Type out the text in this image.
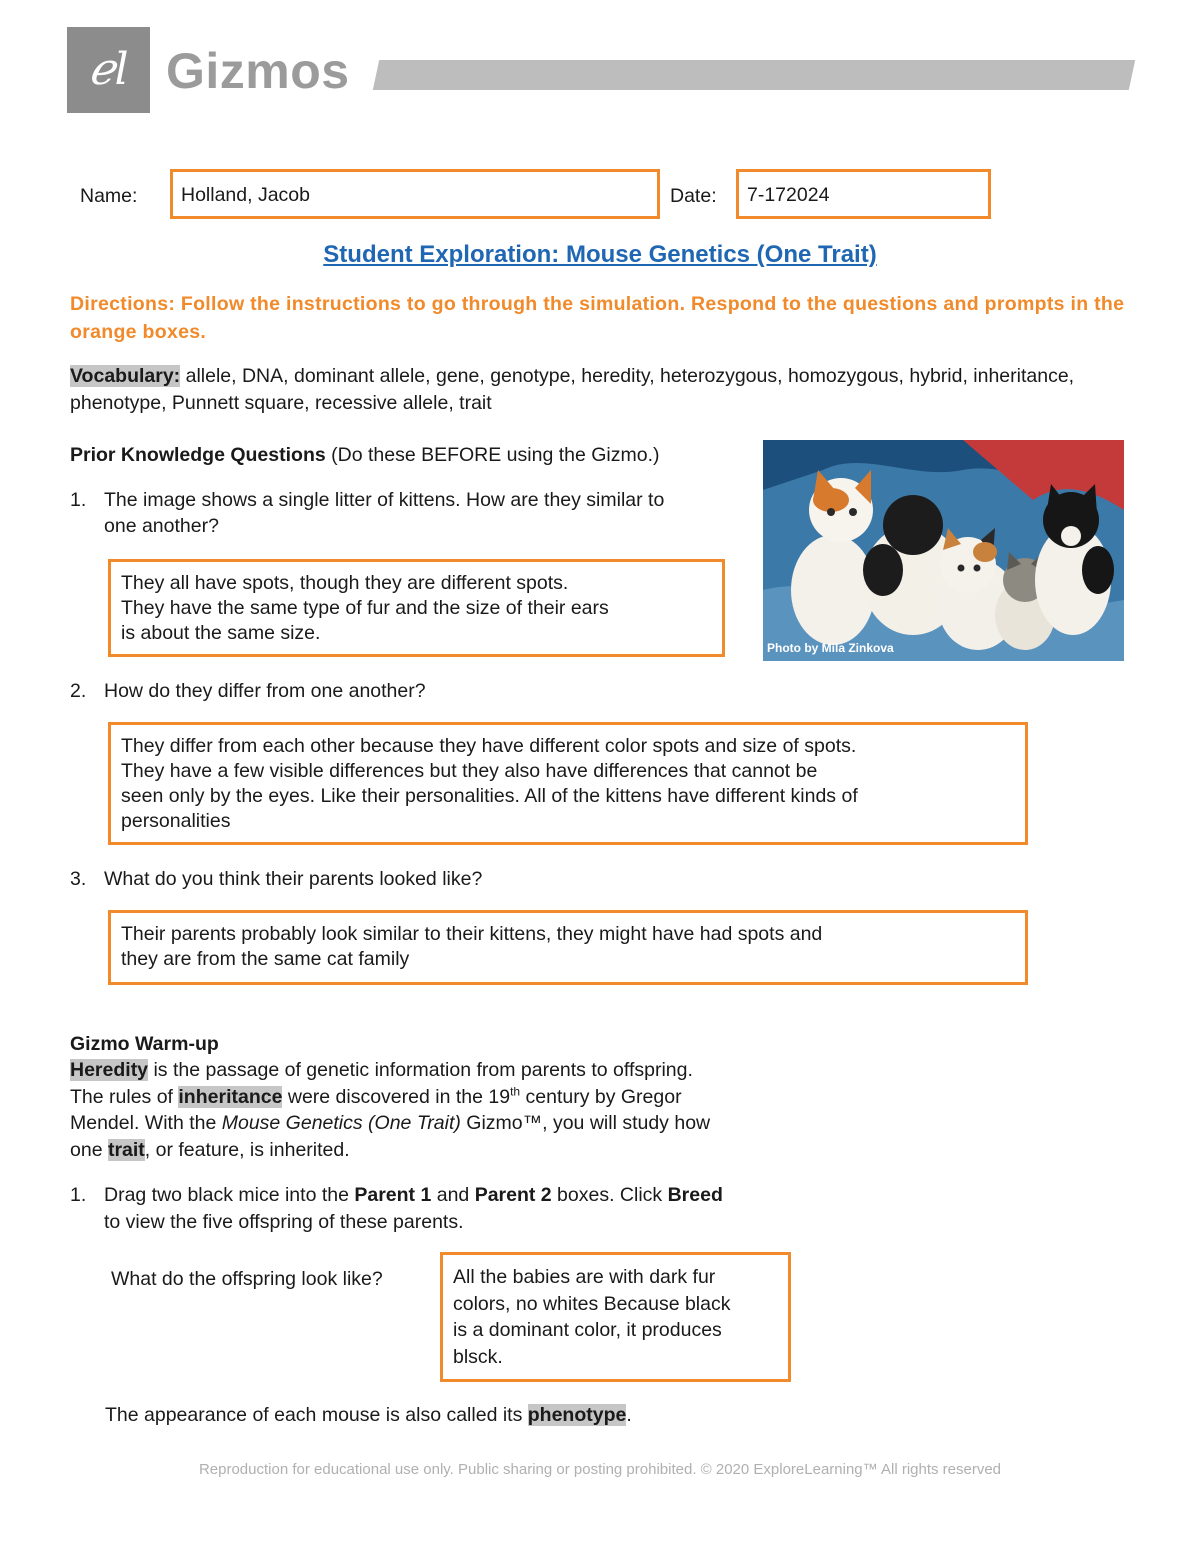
ℯl Gizmos
Name:	Holland, Jacob	Date:	7-172024
Student Exploration: Mouse Genetics (One Trait)
Directions: Follow the instructions to go through the simulation. Respond to the questions and prompts in the orange boxes.
Vocabulary: allele, DNA, dominant allele, gene, genotype, heredity, heterozygous, homozygous, hybrid, inheritance, phenotype, Punnett square, recessive allele, trait
Prior Knowledge Questions (Do these BEFORE using the Gizmo.)
Photo by Mila Zinkova
1. The image shows a single litter of kittens. How are they similar to
one another?
They all have spots, though they are different spots.
They have the same type of fur and the size of their ears
is about the same size.
2. How do they differ from one another?
They differ from each other because they have different color spots and size of spots.
They have a few visible differences but they also have differences that cannot be
seen only by the eyes. Like their personalities. All of the kittens have different kinds of
personalities
3. What do you think their parents looked like?
Their parents probably look similar to their kittens, they might have had spots and
they are from the same cat family
Gizmo Warm-up
Heredity is the passage of genetic information from parents to offspring.
The rules of inheritance were discovered in the 19th century by Gregor
Mendel. With the Mouse Genetics (One Trait) Gizmo™, you will study how
one trait, or feature, is inherited.
1. Drag two black mice into the Parent 1 and Parent 2 boxes. Click Breed
to view the five offspring of these parents.
What do the offspring look like?	All the babies are with dark fur
colors, no whites Because black
is a dominant color, it produces
blsck.
The appearance of each mouse is also called its phenotype.
Reproduction for educational use only. Public sharing or posting prohibited. © 2020 ExploreLearning™ All rights reserved
